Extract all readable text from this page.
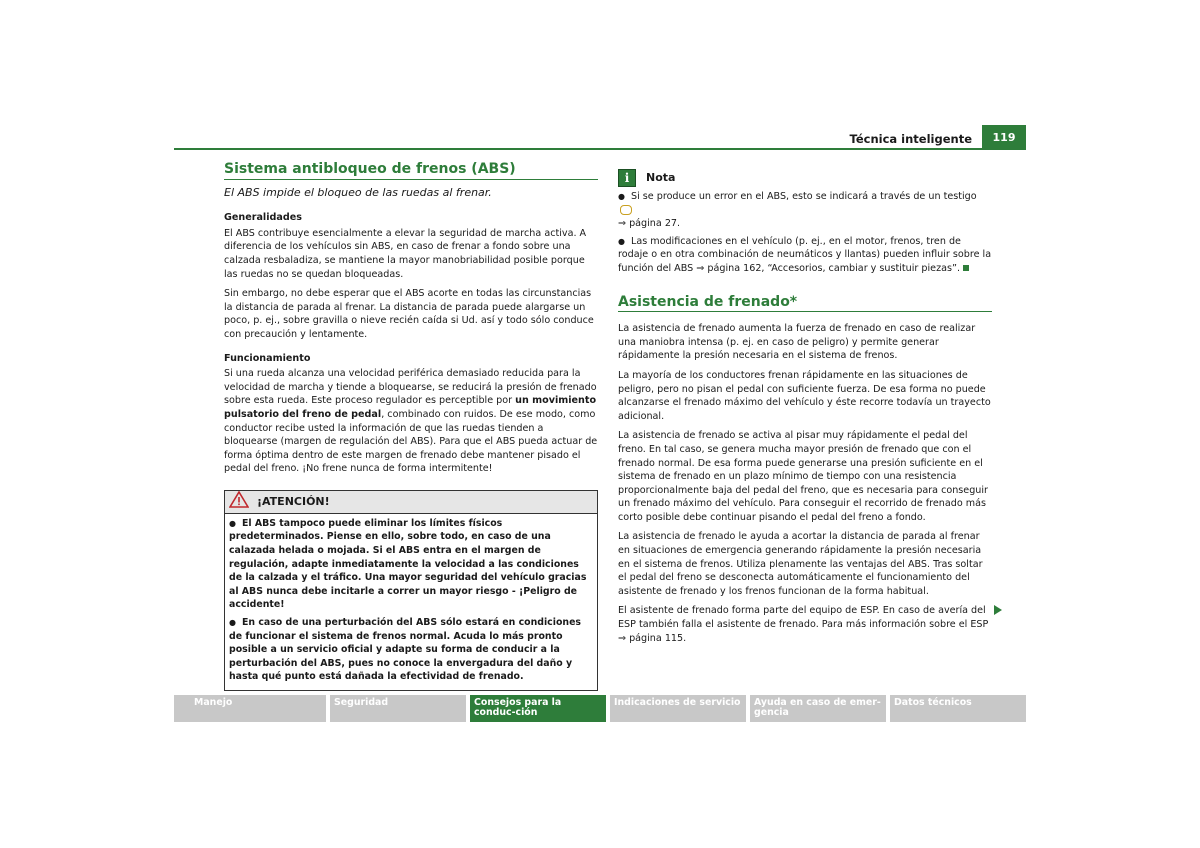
Técnica inteligente	119
Sistema antibloqueo de frenos (ABS)
El ABS impide el bloqueo de las ruedas al frenar.
Generalidades

El ABS contribuye esencialmente a elevar la seguridad de marcha activa. A diferencia de los vehículos sin ABS, en caso de frenar a fondo sobre una calzada resbaladiza, se mantiene la mayor manobriabilidad posible porque las ruedas no se quedan bloqueadas.

Sin embargo, no debe esperar que el ABS acorte en todas las circunstancias la distancia de parada al frenar. La distancia de parada puede alargarse un poco, p. ej., sobre gravilla o nieve recién caída si Ud. así y todo sólo conduce con precaución y lentamente.

Funcionamiento

Si una rueda alcanza una velocidad periférica demasiado reducida para la velocidad de marcha y tiende a bloquearse, se reducirá la presión de frenado sobre esta rueda. Este proceso regulador es perceptible por un movimiento pulsatorio del freno de pedal, combinado con ruidos. De ese modo, como conductor recibe usted la información de que las ruedas tienden a bloquearse (margen de regulación del ABS). Para que el ABS pueda actuar de forma óptima dentro de este margen de frenado debe mantener pisado el pedal del freno. ¡No frene nunca de forma intermitente!

¡ATENCIÓN!

● El ABS tampoco puede eliminar los límites físicos predeterminados. Piense en ello, sobre todo, en caso de una calazada helada o mojada. Si el ABS entra en el margen de regulación, adapte inmediatamente la velocidad a las condiciones de la calzada y el tráfico. Una mayor seguridad del vehículo gracias al ABS nunca debe incitarle a correr un mayor riesgo - ¡Peligro de accidente!

● En caso de una perturbación del ABS sólo estará en condiciones de funcionar el sistema de frenos normal. Acuda lo más pronto posible a un servicio oficial y adapte su forma de conducir a la perturbación del ABS, pues no conoce la envergadura del daño y hasta qué punto está dañada la efectividad de frenado.

i	Nota

● Si se produce un error en el ABS, esto se indicará a través de un testigo

⇒ página 27.

● Las modificaciones en el vehículo (p. ej., en el motor, frenos, tren de rodaje o en otra combinación de neumáticos y llantas) pueden influir sobre la función del ABS ⇒ página 162, “Accesorios, cambiar y sustituir piezas”.

Asistencia de frenado*

La asistencia de frenado aumenta la fuerza de frenado en caso de realizar una maniobra intensa (p. ej. en caso de peligro) y permite generar rápidamente la presión necesaria en el sistema de frenos.

La mayoría de los conductores frenan rápidamente en las situaciones de peligro, pero no pisan el pedal con suficiente fuerza. De esa forma no puede alcanzarse el frenado máximo del vehículo y éste recorre todavía un trayecto adicional.

La asistencia de frenado se activa al pisar muy rápidamente el pedal del freno. En tal caso, se genera mucha mayor presión de frenado que con el frenado normal. De esa forma puede generarse una presión suficiente en el sistema de frenado en un plazo mínimo de tiempo con una resistencia proporcionalmente baja del pedal del freno, que es necesaria para conseguir un frenado máximo del vehículo. Para conseguir el recorrido de frenado más corto posible debe continuar pisando el pedal del freno a fondo.

La asistencia de frenado le ayuda a acortar la distancia de parada al frenar en situaciones de emergencia generando rápidamente la presión necesaria en el sistema de frenos. Utiliza plenamente las ventajas del ABS. Tras soltar el pedal del freno se desconecta automáticamente el funcionamiento del asistente de frenado y los frenos funcionan de la forma habitual.

El asistente de frenado forma parte del equipo de ESP. En caso de avería del ESP también falla el asistente de frenado. Para más información sobre el ESP

⇒ página 115.

Manejo	Seguridad	Consejos para la conduc-ción
Indicaciones de servicio	Ayuda en caso de emer-gencia
Datos técnicos
